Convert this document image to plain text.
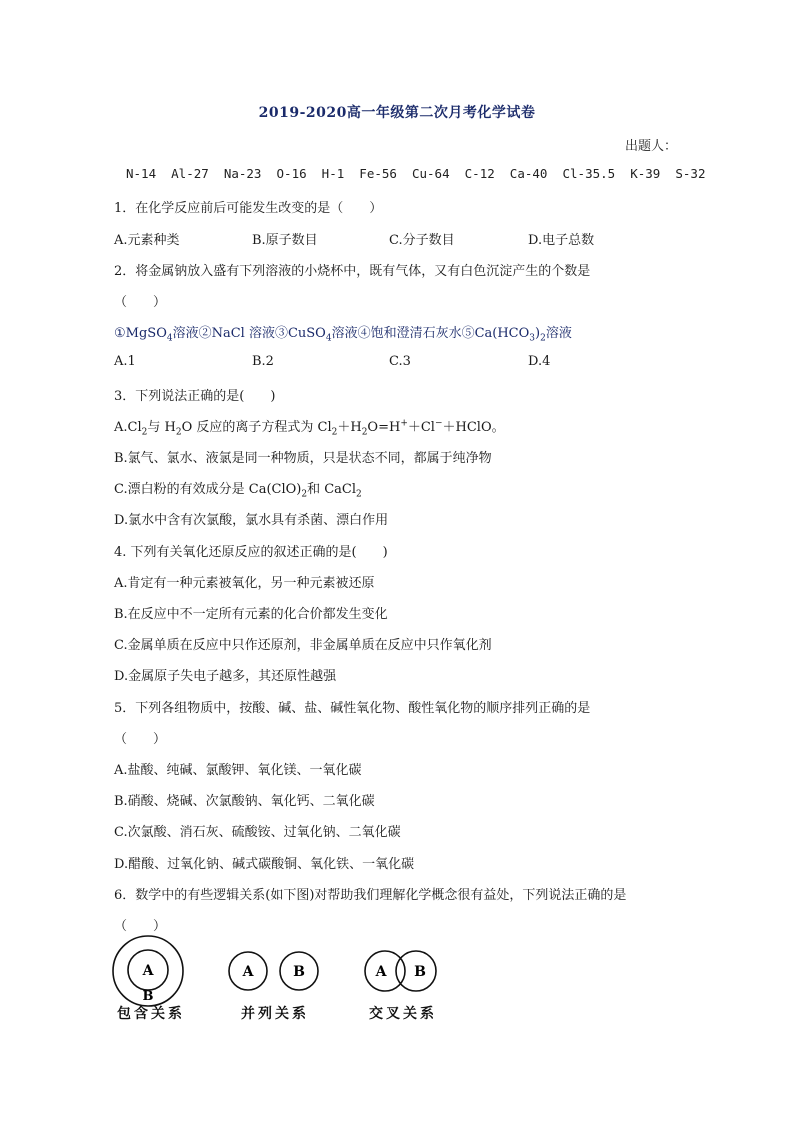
2019-2020高一年级第二次月考化学试卷
出题人：
N-14  Al-27  Na-23  O-16  H-1  Fe-56  Cu-64  C-12  Ca-40  Cl-35.5  K-39  S-32
1．在化学反应前后可能发生改变的是（　　）
A.元素种类	B.原子数目	C.分子数目	D.电子总数
2．将金属钠放入盛有下列溶液的小烧杯中，既有气体，又有白色沉淀产生的个数是
（　　）
①MgSO$_4$溶液②NaCl 溶液③CuSO$_4$溶液④饱和澄清石灰水$⑤Ca(HCO_3)_2$溶液
A.1	B.2	C.3	D.4
3．下列说法正确的是(　　)
$A.Cl_2$与 $H_2O$ 反应的离子方程式为 $Cl_2+H_2O=H^++Cl^-+HClO$。
B.氯气、氯水、液氯是同一种物质，只是状态不同，都属于纯净物
C.漂白粉的有效成分是 $Ca(ClO)_2$和 CaCl$_2$
D.氯水中含有次氯酸，氯水具有杀菌、漂白作用
4. 下列有关氧化还原反应的叙述正确的是(　　)
A.肯定有一种元素被氧化，另一种元素被还原
B.在反应中不一定所有元素的化合价都发生变化
C.金属单质在反应中只作还原剂，非金属单质在反应中只作氧化剂
D.金属原子失电子越多，其还原性越强
5．下列各组物质中，按酸、碱、盐、碱性氧化物、酸性氧化物的顺序排列正确的是
（　　）
A.盐酸、纯碱、氯酸钾、氧化镁、一氧化碳
B.硝酸、烧碱、次氯酸钠、氧化钙、二氧化碳
C.次氯酸、消石灰、硫酸铵、过氧化钠、二氧化碳
D.醋酸、过氧化钠、碱式碳酸铜、氧化铁、一氧化碳
6．数学中的有些逻辑关系(如下图)对帮助我们理解化学概念很有益处，下列说法正确的是
（　　）
A
B
A	B	A B
包含关系	并列关系	交叉关系
